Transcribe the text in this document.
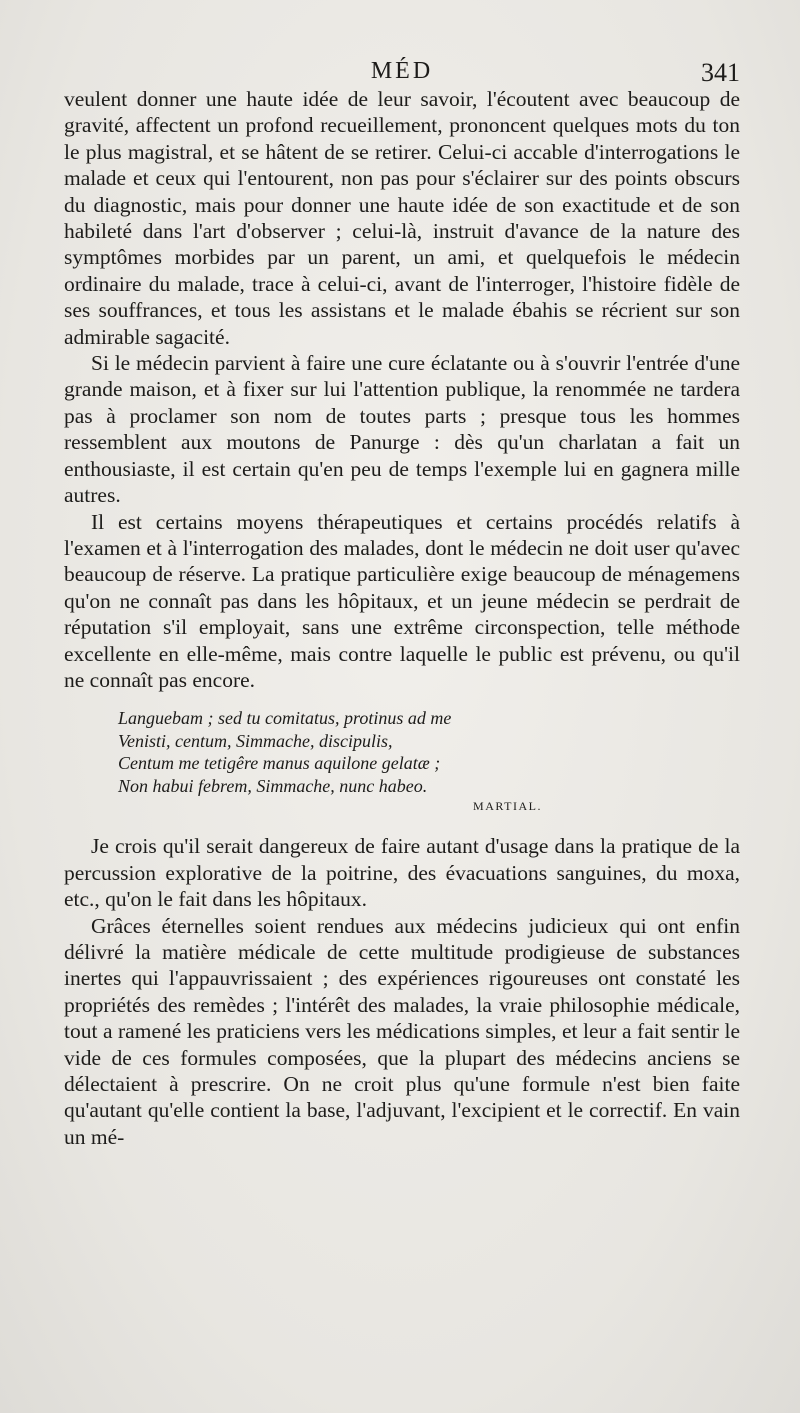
MÉD	341

veulent donner une haute idée de leur savoir, l'écoutent avec beaucoup de gravité, affectent un profond recueillement, prononcent quelques mots du ton le plus magistral, et se hâtent de se retirer. Celui-ci accable d'interrogations le malade et ceux qui l'entourent, non pas pour s'éclairer sur des points obscurs du diagnostic, mais pour donner une haute idée de son exactitude et de son habileté dans l'art d'observer ; celui-là, instruit d'avance de la nature des symptômes morbides par un parent, un ami, et quelquefois le médecin ordinaire du malade, trace à celui-ci, avant de l'interroger, l'histoire fidèle de ses souffrances, et tous les assistans et le malade ébahis se récrient sur son admirable sagacité.

Si le médecin parvient à faire une cure éclatante ou à s'ouvrir l'entrée d'une grande maison, et à fixer sur lui l'attention publique, la renommée ne tardera pas à proclamer son nom de toutes parts ; presque tous les hommes ressemblent aux moutons de Panurge : dès qu'un charlatan a fait un enthousiaste, il est certain qu'en peu de temps l'exemple lui en gagnera mille autres.

Il est certains moyens thérapeutiques et certains procédés relatifs à l'examen et à l'interrogation des malades, dont le médecin ne doit user qu'avec beaucoup de réserve. La pratique particulière exige beaucoup de ménagemens qu'on ne connaît pas dans les hôpitaux, et un jeune médecin se perdrait de réputation s'il employait, sans une extrême circonspection, telle méthode excellente en elle-même, mais contre laquelle le public est prévenu, ou qu'il ne connaît pas encore.

Languebam ; sed tu comitatus, protinus ad me
Venisti, centum, Simmache, discipulis,
Centum me tetigêre manus aquilone gelatæ ;
Non habui febrem, Simmache, nunc habeo.
MARTIAL.

Je crois qu'il serait dangereux de faire autant d'usage dans la pratique de la percussion explorative de la poitrine, des évacuations sanguines, du moxa, etc., qu'on le fait dans les hôpitaux.

Grâces éternelles soient rendues aux médecins judicieux qui ont enfin délivré la matière médicale de cette multitude prodigieuse de substances inertes qui l'appauvrissaient ; des expériences rigoureuses ont constaté les propriétés des remèdes ; l'intérêt des malades, la vraie philosophie médicale, tout a ramené les praticiens vers les médications simples, et leur a fait sentir le vide de ces formules composées, que la plupart des médecins anciens se délectaient à prescrire. On ne croit plus qu'une formule n'est bien faite qu'autant qu'elle contient la base, l'adjuvant, l'excipient et le correctif. En vain un mé-
